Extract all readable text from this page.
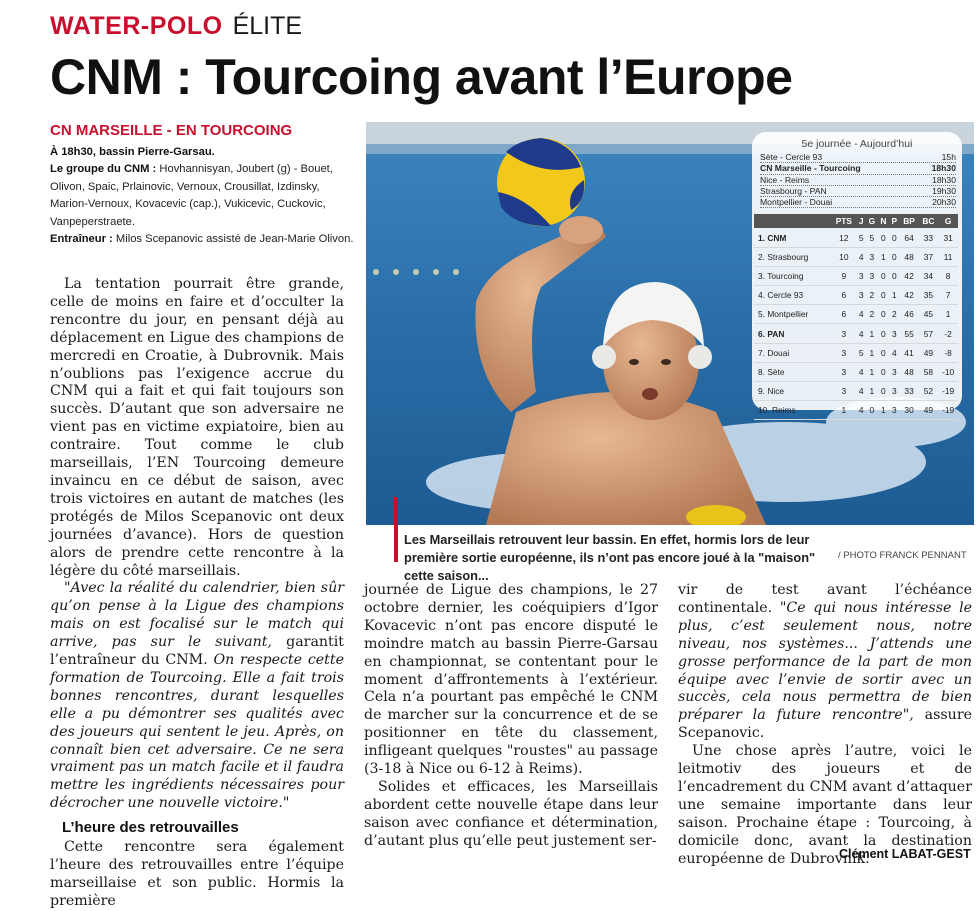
WATER-POLO ÉLITE
CNM : Tourcoing avant l’Europe
CN MARSEILLE - EN TOURCOING

À 18h30, bassin Pierre-Garsau.

Le groupe du CNM : Hovhannisyan, Joubert (g) - Bouet, Olivon, Spaic, Prlainovic, Vernoux, Crousillat, Izdinsky, Marion-Vernoux, Kovacevic (cap.), Vukicevic, Cuckovic, Vanpeperstraete.

Entraîneur : Milos Scepanovic assisté de Jean-Marie Olivon.

La tentation pourrait être grande, celle de moins en faire et d’occulter la rencontre du jour, en pensant déjà au déplacement en Ligue des champions de mercredi en Croatie, à Dubrovnik. Mais n’oublions pas l’exigence accrue du CNM qui a fait et qui fait toujours son succès. D’autant que son adversaire ne vient pas en victime expiatoire, bien au contraire. Tout comme le club marseillais, l’EN Tourcoing demeure invaincu en ce début de saison, avec trois victoires en autant de matches (les protégés de Milos Scepanovic ont deux journées d’avance). Hors de question alors de prendre cette rencontre à la légère du côté marseillais.

"Avec la réalité du calendrier, bien sûr qu’on pense à la Ligue des champions mais on est focalisé sur le match qui arrive, pas sur le suivant, garantit l’entraîneur du CNM. On respecte cette formation de Tourcoing. Elle a fait trois bonnes rencontres, durant lesquelles elle a pu démontrer ses qualités avec des joueurs qui sentent le jeu. Après, on connaît bien cet adversaire. Ce ne sera vraiment pas un match facile et il faudra mettre les ingrédients nécessaires pour décrocher une nouvelle victoire."

L’heure des retrouvailles

Cette rencontre sera également l’heure des retrouvailles entre l’équipe marseillaise et son public. Hormis la première

journée de Ligue des champions, le 27 octobre dernier, les coéquipiers d’Igor Kovacevic n’ont pas encore disputé le moindre match au bassin Pierre-Garsau en championnat, se contentant pour le moment d’affrontements à l’extérieur. Cela n’a pourtant pas empêché le CNM de marcher sur la concurrence et de se positionner en tête du classement, infligeant quelques "roustes" au passage (3-18 à Nice ou 6-12 à Reims).

Solides et efficaces, les Marseillais abordent cette nouvelle étape dans leur saison avec confiance et détermination, d’autant plus qu’elle peut justement ser-

vir de test avant l’échéance continentale. "Ce qui nous intéresse le plus, c’est seulement nous, notre niveau, nos systèmes... J’attends une grosse performance de la part de mon équipe avec l’envie de sortir avec un succès, cela nous permettra de bien préparer la future rencontre", assure Scepanovic.

Une chose après l’autre, voici le leitmotiv des joueurs et de l’encadrement du CNM avant d’attaquer une semaine importante dans leur saison. Prochaine étape : Tourcoing, à domicile donc, avant la destination européenne de Dubrovnik.

Clément LABAT-GEST
5e journée - Aujourd’hui
Sète - Cercle 93	15h
CN Marseille - Tourcoing	18h30
Nice - Reims	18h30
Strasbourg - PAN	19h30
Montpellier - Douai	20h30
	PTS	J	G	N	P	BP	BC	G
1. CNM	12	5	5	0	0	64	33	31
2. Strasbourg	10	4	3	1	0	48	37	11
3. Tourcoing	9	3	3	0	0	42	34	8
4. Cercle 93	6	3	2	0	1	42	35	7
5. Montpellier	6	4	2	0	2	46	45	1
6. PAN	3	4	1	0	3	55	57	-2
7. Douai	3	5	1	0	4	41	49	-8
8. Sète	3	4	1	0	3	48	58	-10
9. Nice	3	4	1	0	3	33	52	-19
10. Reims	1	4	0	1	3	30	49	-19
Les Marseillais retrouvent leur bassin. En effet, hormis lors de leur première sortie européenne, ils n’ont pas encore joué à la "maison" cette saison...
/ PHOTO FRANCK PENNANT
